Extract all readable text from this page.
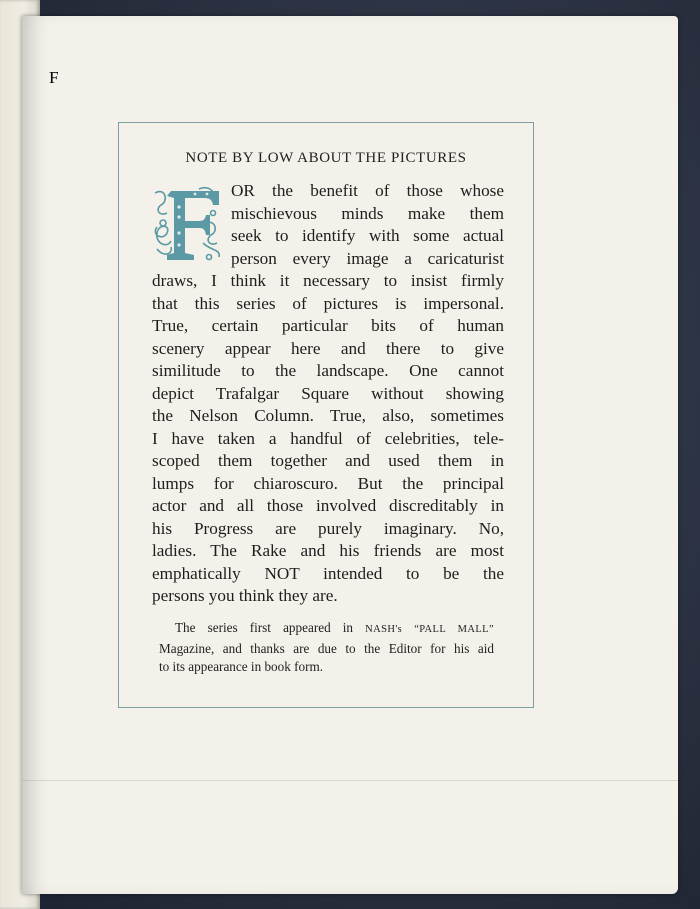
NOTE BY LOW ABOUT THE PICTURES
F
OR the benefit of those whose
mischievous minds make them
seek to identify with some actual
person every image a caricaturist
draws, I think it necessary to insist firmly
that this series of pictures is impersonal.
True, certain particular bits of human
scenery appear here and there to give
similitude to the landscape. One cannot
depict Trafalgar Square without showing
the Nelson Column. True, also, sometimes
I have taken a handful of celebrities, tele-
scoped them together and used them in
lumps for chiaroscuro. But the principal
actor and all those involved discreditably in
his Progress are purely imaginary. No,
ladies. The Rake and his friends are most
emphatically NOT intended to be the
persons you think they are.
The series first appeared in NASH's “PALL MALL”
Magazine, and thanks are due to the Editor for his aid
to its appearance in book form.
